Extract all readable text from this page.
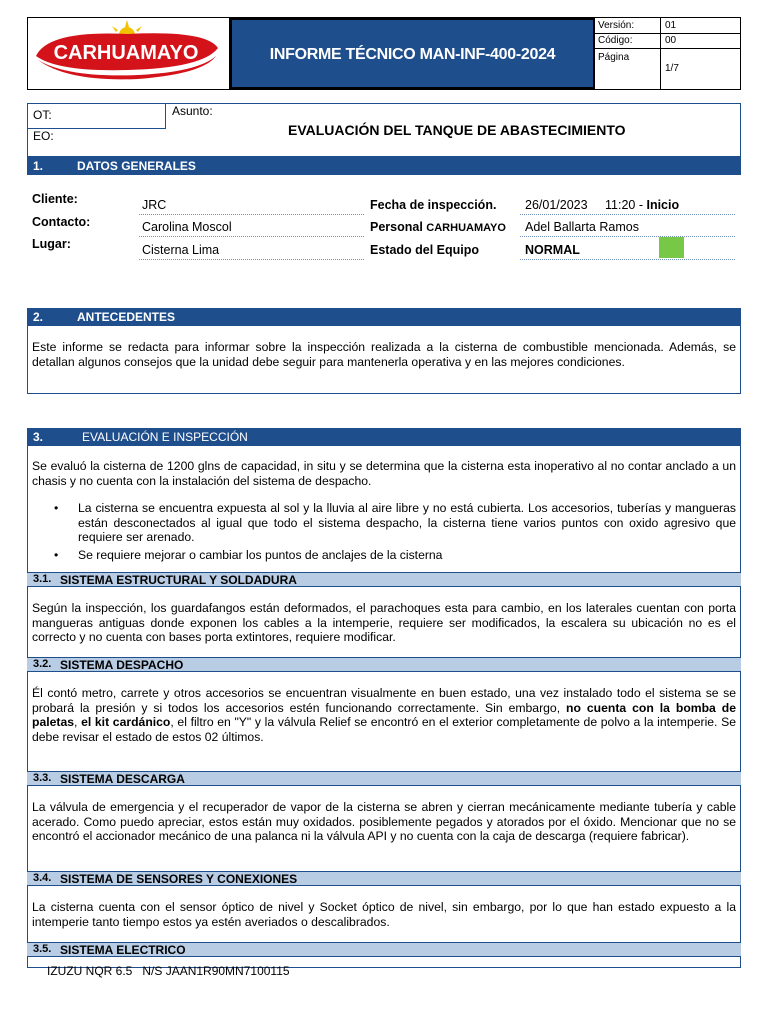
CARHUAMAYO	INFORME TÉCNICO MAN-INF-400-2024
Versión:	01
Código:	00
Página
1/7
OT:
EO:
Asunto:
EVALUACIÓN DEL TANQUE DE ABASTECIMIENTO
1.	DATOS GENERALES
Cliente:	JRC
Contacto:	Carolina Moscol
Lugar:	Cisterna Lima
Fecha de inspección. 26/01/2023 11:20 - Inicio
Personal CARHUAMAYO Adel Ballarta Ramos
Estado del Equipo	NORMAL
2.	ANTECEDENTES

Este informe se redacta para informar sobre la inspección realizada a la cisterna de combustible mencionada. Además, se detallan algunos consejos que la unidad debe seguir para mantenerla operativa y en las mejores condiciones.

3.	EVALUACIÓN E INSPECCIÓN

Se evaluó la cisterna de 1200 glns de capacidad, in situ y se determina que la cisterna esta inoperativo al no contar anclado a un chasis y no cuenta con la instalación del sistema de despacho.

• La cisterna se encuentra expuesta al sol y la lluvia al aire libre y no está cubierta. Los accesorios, tuberías y mangueras están desconectados al igual que todo el sistema despacho, la cisterna tiene varios puntos con oxido agresivo que requiere ser arenado.
• Se requiere mejorar o cambiar los puntos de anclajes de la cisterna
3.1. SISTEMA ESTRUCTURAL Y SOLDADURA

Según la inspección, los guardafangos están deformados, el parachoques esta para cambio, en los laterales cuentan con porta mangueras antiguas donde exponen los cables a la intemperie, requiere ser modificados, la escalera su ubicación no es el correcto y no cuenta con bases porta extintores, requiere modificar.

3.2. SISTEMA DESPACHO

Él contó metro, carrete y otros accesorios se encuentran visualmente en buen estado, una vez instalado todo el sistema se se probará la presión y si todos los accesorios estén funcionando correctamente. Sin embargo, no cuenta con la bomba de paletas, el kit cardánico, el filtro en "Y" y la válvula Relief se encontró en el exterior completamente de polvo a la intemperie. Se debe revisar el estado de estos 02 últimos.

3.3. SISTEMA DESCARGA

La válvula de emergencia y el recuperador de vapor de la cisterna se abren y cierran mecánicamente mediante tubería y cable acerado. Como puedo apreciar, estos están muy oxidados. posiblemente pegados y atorados por el óxido. Mencionar que no se encontró el accionador mecánico de una palanca ni la válvula API y no cuenta con la caja de descarga (requiere fabricar).

3.4. SISTEMA DE SENSORES Y CONEXIONES

La cisterna cuenta con el sensor óptico de nivel y Socket óptico de nivel, sin embargo, por lo que han estado expuesto a la intemperie tanto tiempo estos ya estén averiados o descalibrados.

3.5. SISTEMA ELECTRICO
IZUZU NQR 6.5 N/S JAAN1R90MN7100115
